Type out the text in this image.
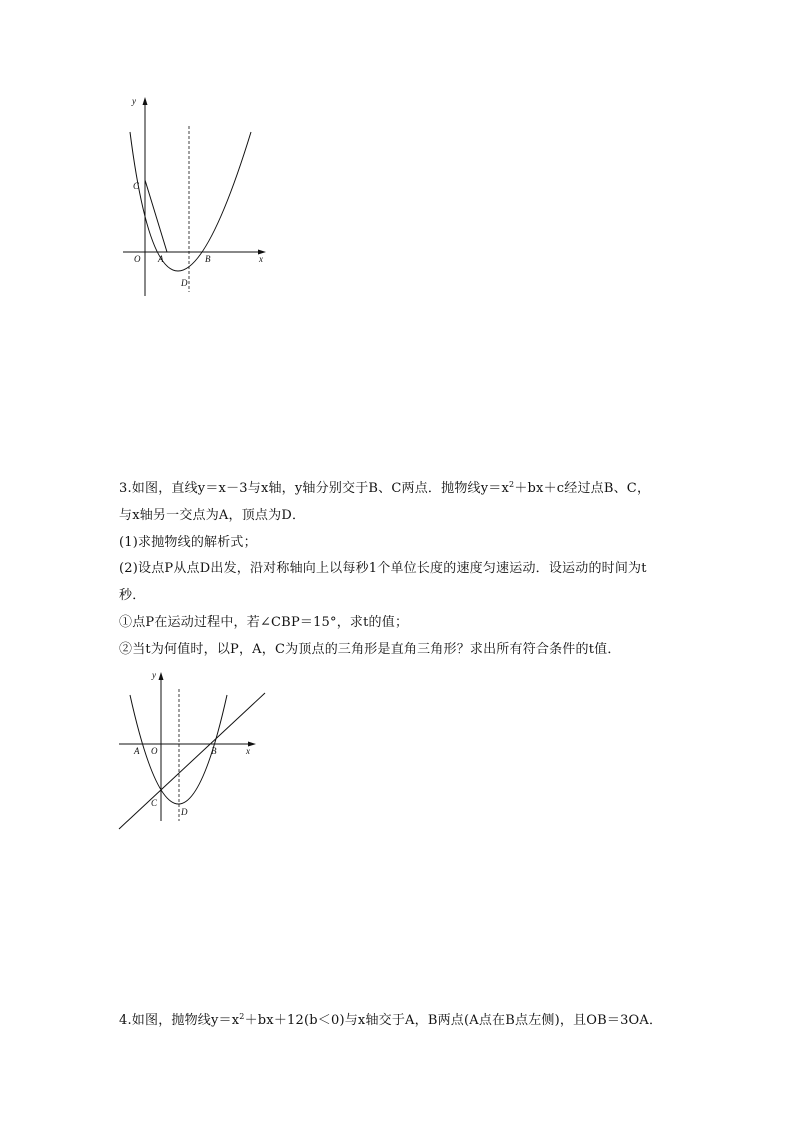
y
x
O
C
A	B
D
3.如图，直线y＝x－3与x轴，y轴分别交于B、C两点．抛物线$y=x^2+bx+c$经过点B、C，
与x轴另一交点为A，顶点为D．
(1)求抛物线的解析式；
(2)设点P从点D出发，沿对称轴向上以每秒1个单位长度的速度匀速运动．设运动的时间为t
秒．
①点P在运动过程中，若∠CBP＝15°，求t的值；
②当t为何值时，以P，A，C为顶点的三角形是直角三角形？求出所有符合条件的t值．
y
x
O
A	B
C
D
4.如图，抛物线$y=x^2+bx+12(b<0)$与x轴交于A，B两点(A点在B点左侧)，且OB＝3OA．
